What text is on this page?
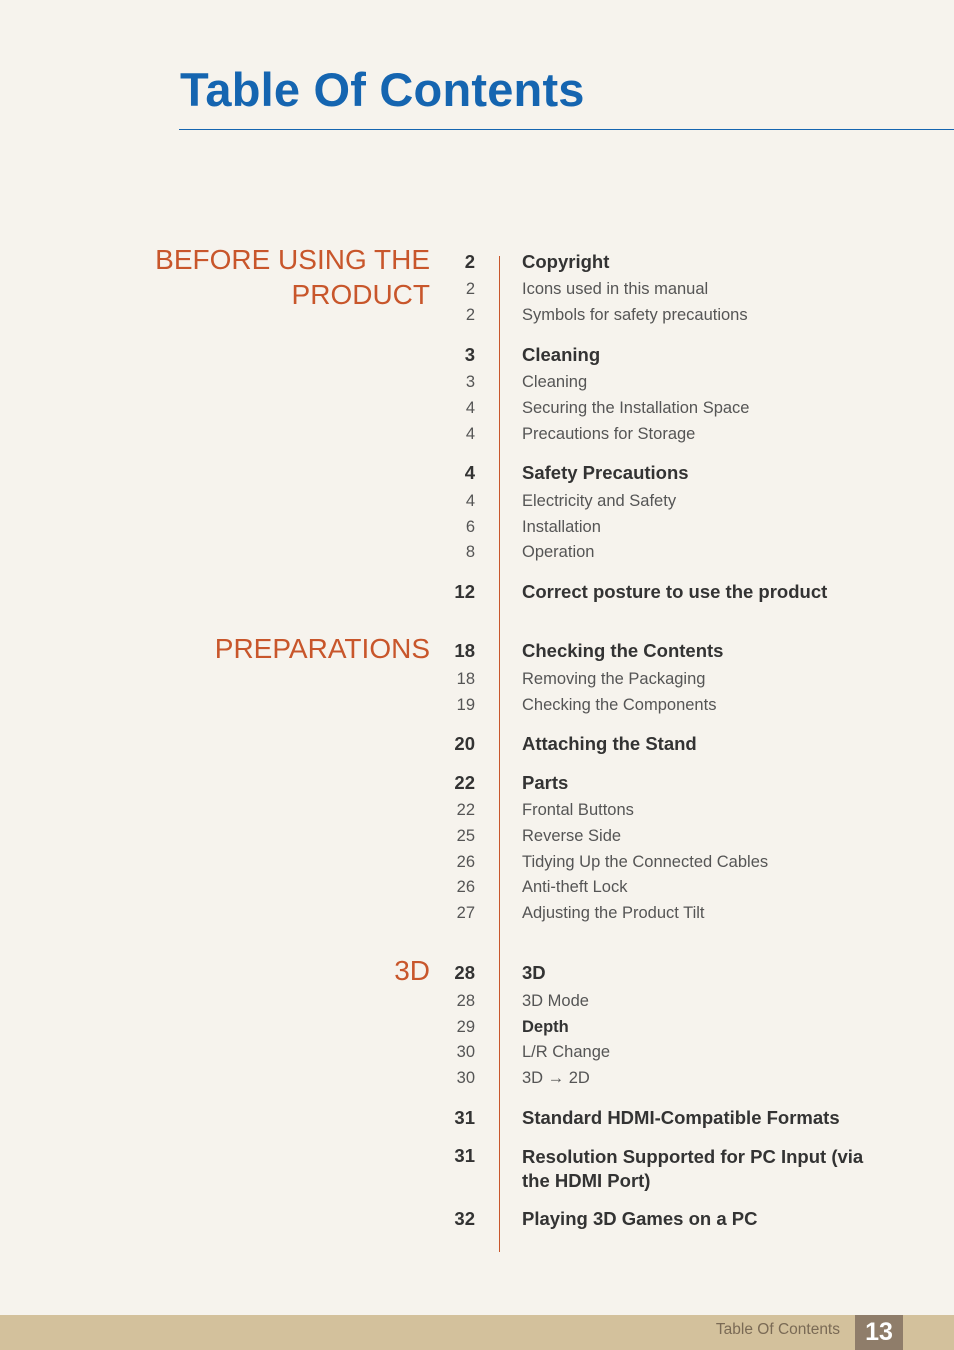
Table Of Contents
BEFORE USING THE
PRODUCT
2	Copyright
2	Icons used in this manual
2	Symbols for safety precautions
3	Cleaning
3	Cleaning
4	Securing the Installation Space
4	Precautions for Storage
4	Safety Precautions
4	Electricity and Safety
6	Installation
8	Operation
12	Correct posture to use the product
PREPARATIONS	18	Checking the Contents
18	Removing the Packaging
19	Checking the Components
20	Attaching the Stand
22	Parts
22	Frontal Buttons
25	Reverse Side
26	Tidying Up the Connected Cables
26	Anti-theft Lock
27	Adjusting the Product Tilt
3D	28	3D
28	3D Mode
29	Depth
30	L/R Change
30	3D → 2D
31	Standard HDMI-Compatible Formats
31	Resolution Supported for PC Input (via the HDMI Port)
32	Playing 3D Games on a PC
Table Of Contents	13
